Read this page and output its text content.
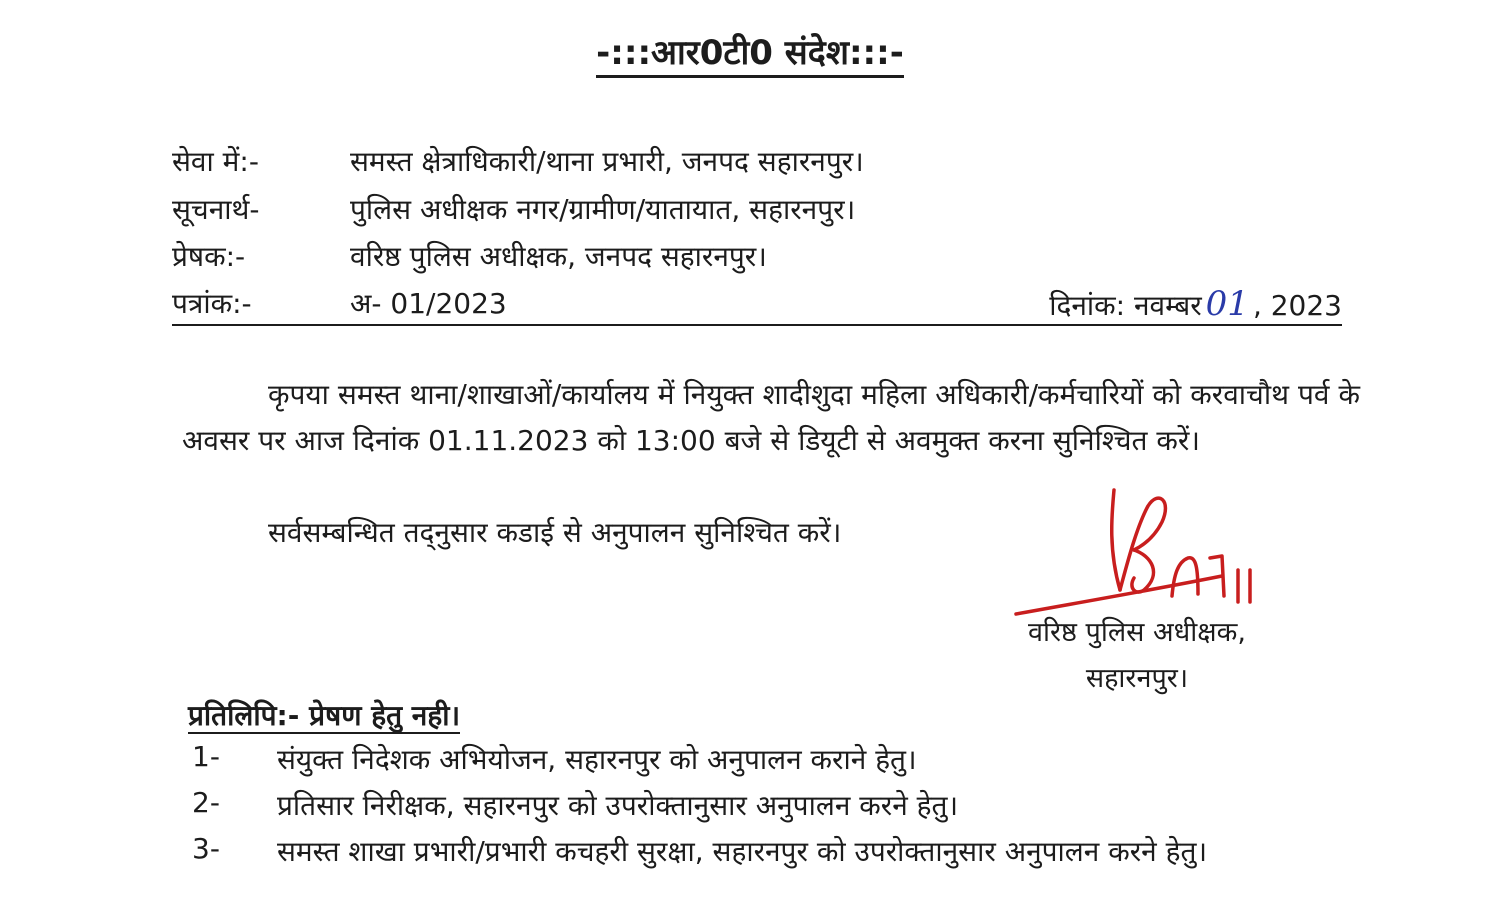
-:::आर0टी0 संदेश:::-
सेवा में:-	समस्त क्षेत्राधिकारी/थाना प्रभारी, जनपद सहारनपुर।
सूचनार्थ-	पुलिस अधीक्षक नगर/ग्रामीण/यातायात, सहारनपुर।
प्रेषक:-	वरिष्ठ पुलिस अधीक्षक, जनपद सहारनपुर।
पत्रांक:-	अ- 01/2023	दिनांक: नवम्बर 01 , 2023
कृपया समस्त थाना/शाखाओं/कार्यालय में नियुक्त शादीशुदा महिला अधिकारी/कर्मचारियों को करवाचौथ पर्व के अवसर पर आज दिनांक 01.11.2023 को 13:00 बजे से डियूटी से अवमुक्त करना सुनिश्चित करें।
सर्वसम्बन्धित तद्नुसार कडाई से अनुपालन सुनिश्चित करें।
वरिष्ठ पुलिस अधीक्षक,
सहारनपुर।
प्रतिलिपि:- प्रेषण हेतु नही।
1- संयुक्त निदेशक अभियोजन, सहारनपुर को अनुपालन कराने हेतु।
2- प्रतिसार निरीक्षक, सहारनपुर को उपरोक्तानुसार अनुपालन करने हेतु।
3- समस्त शाखा प्रभारी/प्रभारी कचहरी सुरक्षा, सहारनपुर को उपरोक्तानुसार अनुपालन करने हेतु।
